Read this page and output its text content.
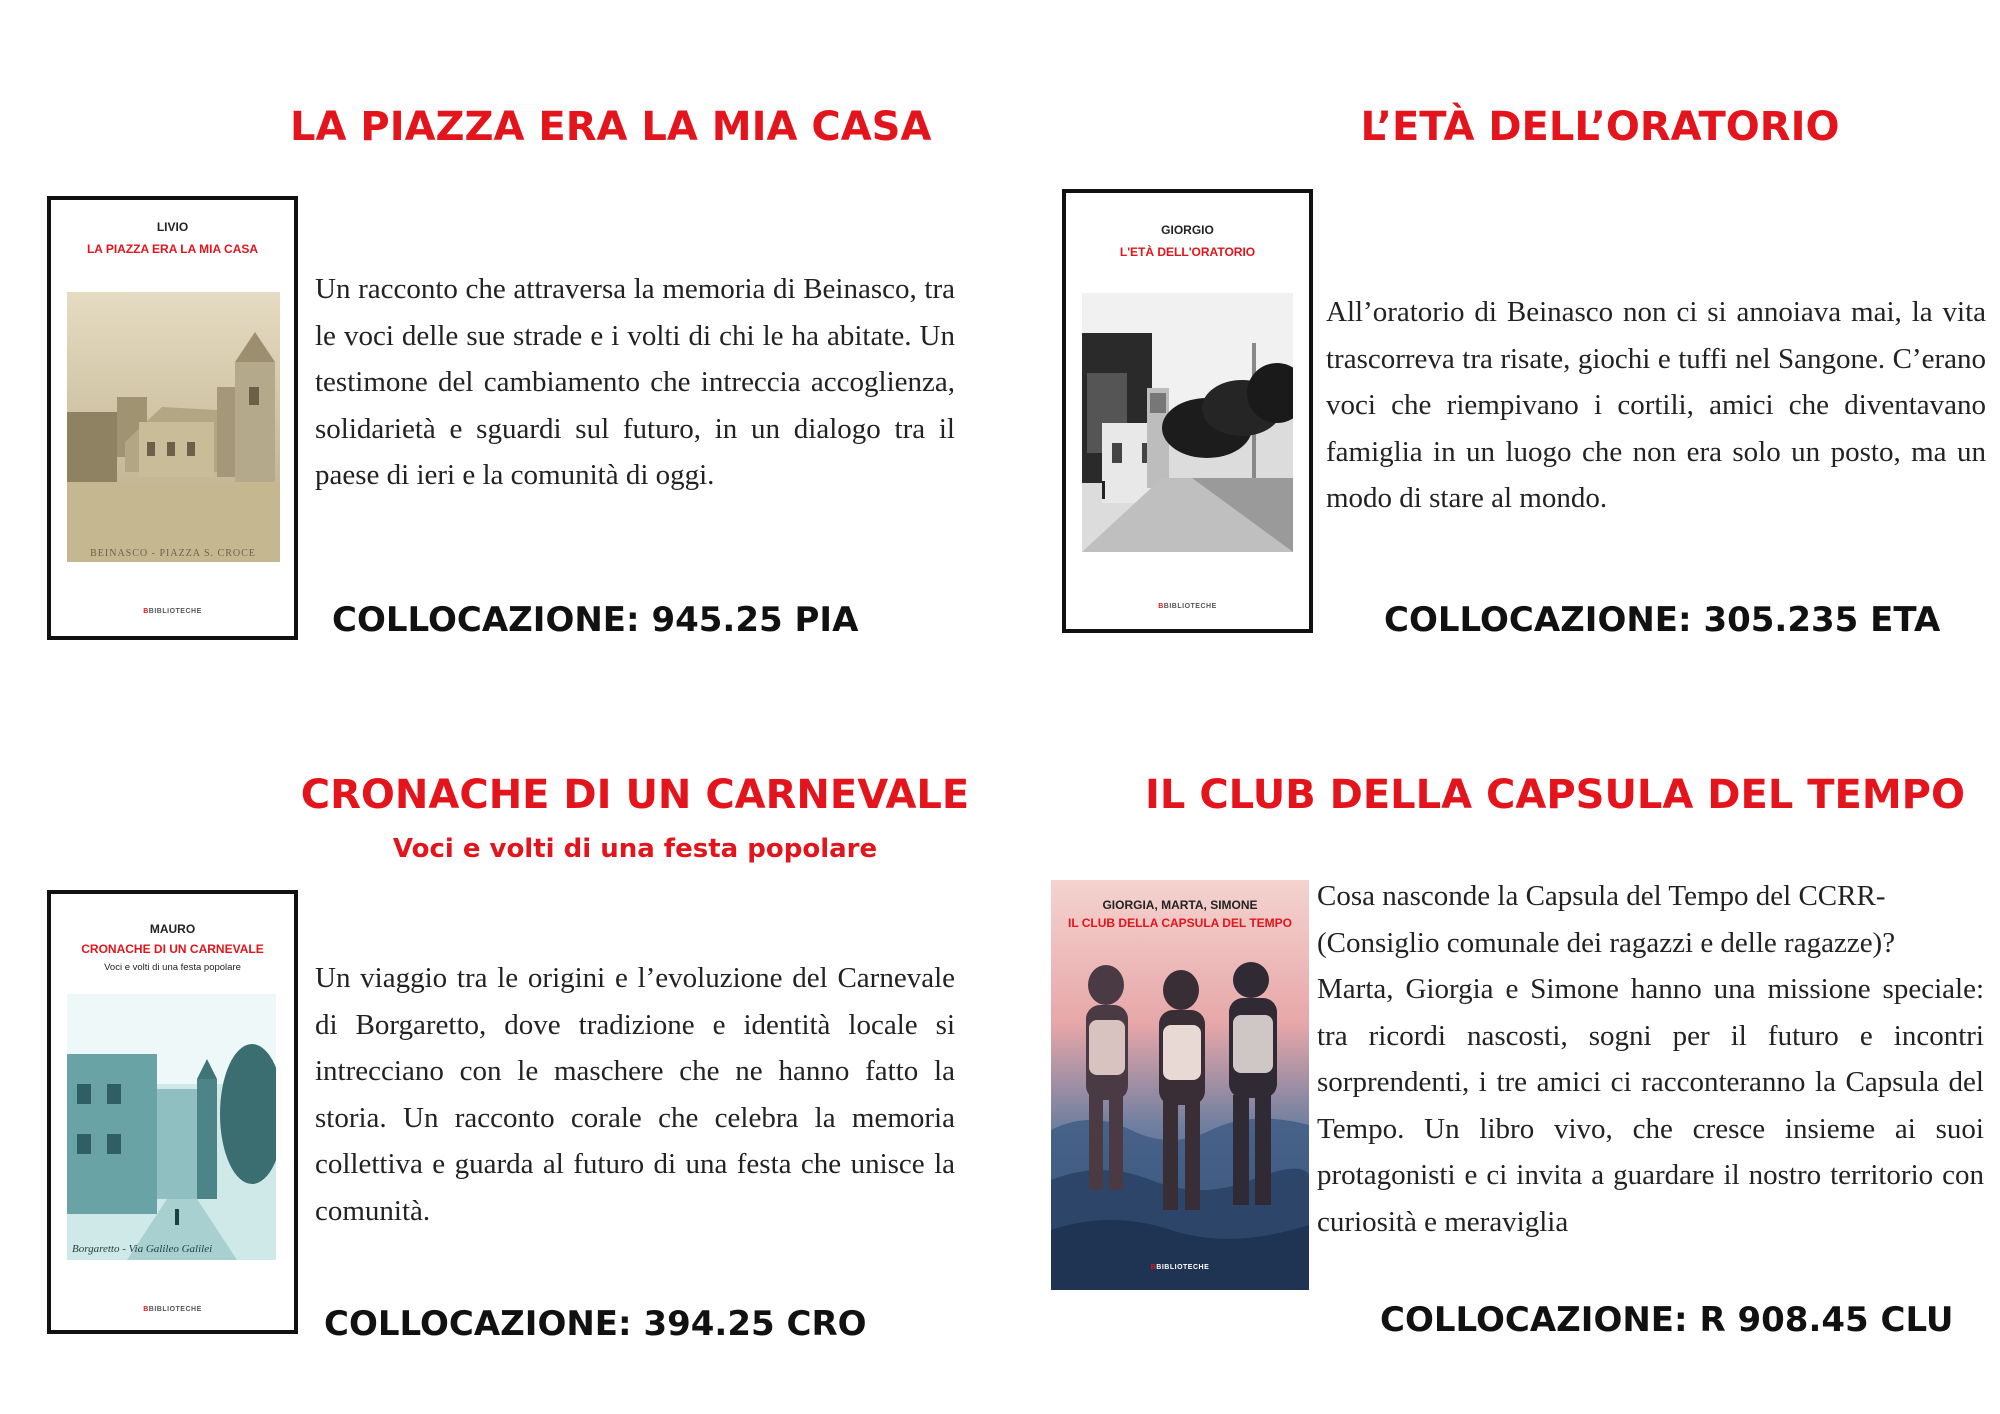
LA PIAZZA ERA LA MIA CASA
LIVIO
LA PIAZZA ERA LA MIA CASA
BEINASCO - PIAZZA S. CROCE
BBIBLIOTECHE

Un racconto che attraversa la memoria di Beinasco, tra le voci delle sue strade e i volti di chi le ha abitate. Un testimone del cambiamento che intreccia accoglienza, solidarietà e sguardi sul futuro, in un dialogo tra il paese di ieri e la comunità di oggi.

COLLOCAZIONE: 945.25 PIA
L’ETÀ DELL’ORATORIO
GIORGIO
L'ETÀ DELL'ORATORIO
BBIBLIOTECHE

All’oratorio di Beinasco non ci si annoiava mai, la vita trascorreva tra risate, giochi e tuffi nel Sangone. C’erano voci che riempivano i cortili, amici che diventavano famiglia in un luogo che non era solo un posto, ma un modo di stare al mondo.

COLLOCAZIONE: 305.235 ETA
CRONACHE DI UN CARNEVALE
Voci e volti di una festa popolare
MAURO
CRONACHE DI UN CARNEVALE
Voci e volti di una festa popolare
Borgaretto - Via Galileo Galilei
BBIBLIOTECHE

Un viaggio tra le origini e l’evoluzione del Carnevale di Borgaretto, dove tradizione e identità locale si intrecciano con le maschere che ne hanno fatto la storia. Un racconto corale che celebra la memoria collettiva e guarda al futuro di una festa che unisce la comunità.

COLLOCAZIONE: 394.25 CRO
IL CLUB DELLA CAPSULA DEL TEMPO
GIORGIA, MARTA, SIMONE
IL CLUB DELLA CAPSULA DEL TEMPO
BBIBLIOTECHE
Cosa nasconde la Capsula del Tempo del CCRR-
(Consiglio comunale dei ragazzi e delle ragazze)?
Marta, Giorgia e Simone hanno una missione speciale: tra ricordi nascosti, sogni per il futuro e incontri sorprendenti, i tre amici ci racconteranno la Capsula del Tempo. Un libro vivo, che cresce insieme ai suoi protagonisti e ci invita a guardare il nostro territorio con curiosità e meraviglia
COLLOCAZIONE: R 908.45 CLU
